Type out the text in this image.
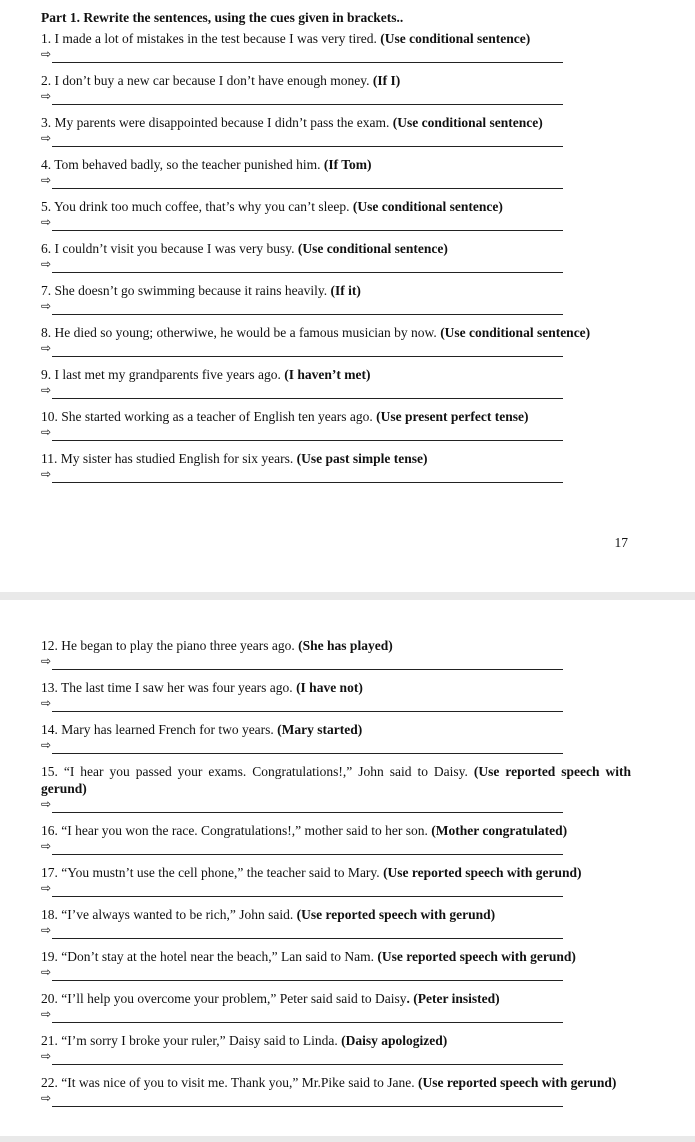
Part 1. Rewrite the sentences, using the cues given in brackets..
1. I made a lot of mistakes in the test because I was very tired. (Use conditional sentence)
⇨
2. I don’t buy a new car because I don’t have enough money. (If I)
⇨
3. My parents were disappointed because I didn’t pass the exam. (Use conditional sentence)
⇨
4. Tom behaved badly, so the teacher punished him. (If Tom)
⇨
5. You drink too much coffee, that’s why you can’t sleep. (Use conditional sentence)
⇨
6. I couldn’t visit you because I was very busy. (Use conditional sentence)
⇨
7. She doesn’t go swimming because it rains heavily. (If it)
⇨
8. He died so young; otherwiwe, he would be a famous musician by now. (Use conditional sentence)
⇨
9. I last met my grandparents five years ago. (I haven’t met)
⇨
10. She started working as a teacher of English ten years ago. (Use present perfect tense)
⇨
11. My sister has studied English for six years. (Use past simple tense)
⇨
17
12. He began to play the piano three years ago. (She has played)
⇨
13. The last time I saw her was four years ago. (I have not)
⇨
14. Mary has learned French for two years. (Mary started)
⇨
15. “I hear you passed your exams. Congratulations!,” John said to Daisy. (Use reported speech with gerund)
⇨
16. “I hear you won the race. Congratulations!,” mother said to her son. (Mother congratulated)
⇨
17. “You mustn’t use the cell phone,” the teacher said to Mary. (Use reported speech with gerund)
⇨
18. “I’ve always wanted to be rich,” John said. (Use reported speech with gerund)
⇨
19. “Don’t stay at the hotel near the beach,” Lan said to Nam. (Use reported speech with gerund)
⇨
20. “I’ll help you overcome your problem,” Peter said said to Daisy. (Peter insisted)
⇨
21. “I’m sorry I broke your ruler,” Daisy said to Linda. (Daisy apologized)
⇨
22. “It was nice of you to visit me. Thank you,” Mr.Pike said to Jane. (Use reported speech with gerund)
⇨
